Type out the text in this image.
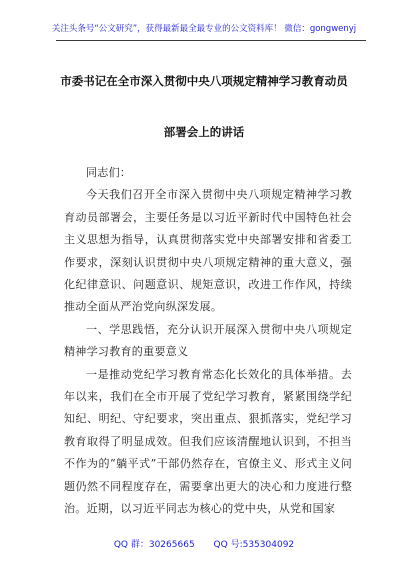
关注头条号“公文研究”，获得最新最全最专业的公文资料库！ 微信：gongwenyj
市委书记在全市深入贯彻中央八项规定精神学习教育动员
部署会上的讲话

同志们：

今天我们召开全市深入贯彻中央八项规定精神学习教育动员部署会，主要任务是以习近平新时代中国特色社会主义思想为指导，认真贯彻落实党中央部署安排和省委工作要求，深刻认识贯彻中央八项规定精神的重大意义，强化纪律意识、问题意识、规矩意识，改进工作作风，持续推动全面从严治党向纵深发展。

一、学思践悟，充分认识开展深入贯彻中央八项规定精神学习教育的重要意义

一是推动党纪学习教育常态化长效化的具体举措。去年以来，我们在全市开展了党纪学习教育，紧紧围绕学纪知纪、明纪、守纪要求，突出重点、狠抓落实，党纪学习教育取得了明显成效。但我们应该清醒地认识到，不担当不作为的“躺平式”干部仍然存在，官僚主义、形式主义问题仍然不同程度存在，需要拿出更大的决心和力度进行整治。近期，以习近平同志为核心的党中央，从党和国家

QQ 群：30265665 QQ 号:535304092
